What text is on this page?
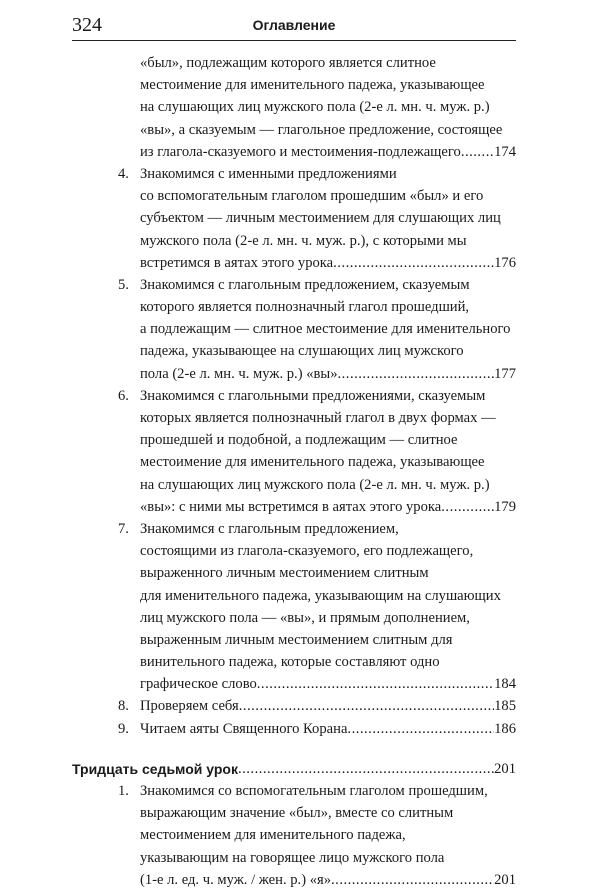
324	Оглавление
«был», подлежащим которого является слитное
местоимение для именительного падежа, указывающее
на слушающих лиц мужского пола (2-е л. мн. ч. муж. р.)
«вы», а сказуемым — глагольное предложение, состоящее
из глагола-сказуемого и местоимения-подлежащего ..... 174
4. Знакомимся с именными предложениями
со вспомогательным глаголом прошедшим «был» и его
субъектом — личным местоимением для слушающих лиц
мужского пола (2-е л. мн. ч. муж. р.), с которыми мы
встретимся в аятах этого урока .....	176
5. Знакомимся с глагольным предложением, сказуемым
которого является полнозначный глагол прошедший,
а подлежащим — слитное местоимение для именительного
падежа, указывающее на слушающих лиц мужского
пола (2-е л. мн. ч. муж. р.) «вы» .....	177
6. Знакомимся с глагольными предложениями, сказуемым
которых является полнозначный глагол в двух формах —
прошедшей и подобной, а подлежащим — слитное
местоимение для именительного падежа, указывающее
на слушающих лиц мужского пола (2-е л. мн. ч. муж. р.)
«вы»: с ними мы встретимся в аятах этого урока .....	179
7. Знакомимся с глагольным предложением,
состоящими из глагола-сказуемого, его подлежащего,
выраженного личным местоимением слитным
для именительного падежа, указывающим на слушающих
лиц мужского пола — «вы», и прямым дополнением,
выраженным личным местоимением слитным для
винительного падежа, которые составляют одно
графическое слово .....	184
8. Проверяем себя .....	185
9. Читаем аяты Священного Корана .....	186
Тридцать седьмой урок .....	201
1. Знакомимся со вспомогательным глаголом прошедшим,
выражающим значение «был», вместе со слитным
местоимением для именительного падежа,
указывающим на говорящее лицо мужского пола
(1-е л. ед. ч. муж. / жен. р.) «я» .....	201
